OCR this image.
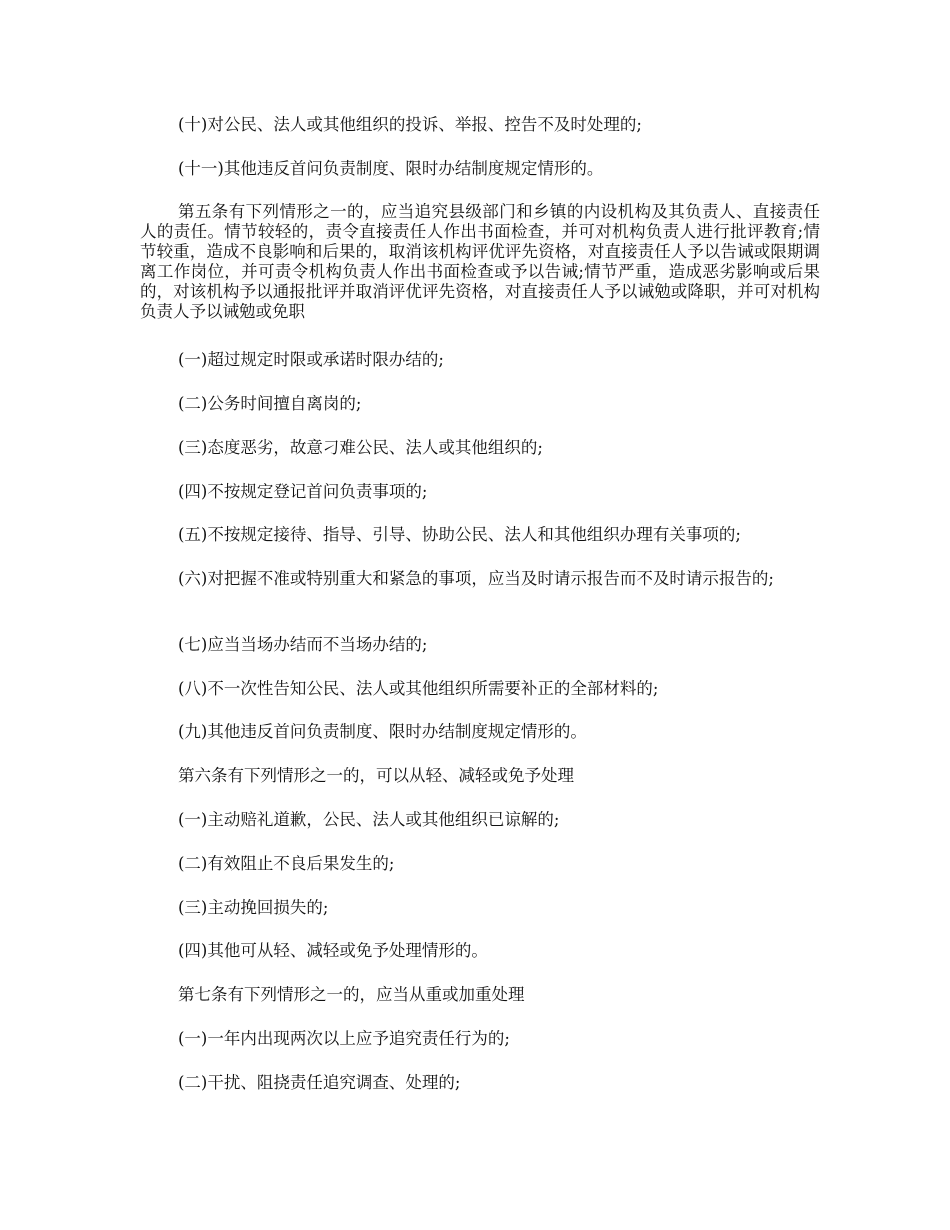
(十)对公民、法人或其他组织的投诉、举报、控告不及时处理的;

(十一)其他违反首问负责制度、限时办结制度规定情形的。

第五条有下列情形之一的，应当追究县级部门和乡镇的内设机构及其负责人、直接责任人的责任。情节较轻的，责令直接责任人作出书面检查，并可对机构负责人进行批评教育;情节较重，造成不良影响和后果的，取消该机构评优评先资格，对直接责任人予以告诫或限期调离工作岗位，并可责令机构负责人作出书面检查或予以告诫;情节严重，造成恶劣影响或后果的，对该机构予以通报批评并取消评优评先资格，对直接责任人予以诫勉或降职，并可对机构负责人予以诫勉或免职

(一)超过规定时限或承诺时限办结的;

(二)公务时间擅自离岗的;

(三)态度恶劣，故意刁难公民、法人或其他组织的;

(四)不按规定登记首问负责事项的;

(五)不按规定接待、指导、引导、协助公民、法人和其他组织办理有关事项的;

(六)对把握不准或特别重大和紧急的事项，应当及时请示报告而不及时请示报告的;

(七)应当当场办结而不当场办结的;

(八)不一次性告知公民、法人或其他组织所需要补正的全部材料的;

(九)其他违反首问负责制度、限时办结制度规定情形的。

第六条有下列情形之一的，可以从轻、减轻或免予处理

(一)主动赔礼道歉，公民、法人或其他组织已谅解的;

(二)有效阻止不良后果发生的;

(三)主动挽回损失的;

(四)其他可从轻、减轻或免予处理情形的。

第七条有下列情形之一的，应当从重或加重处理

(一)一年内出现两次以上应予追究责任行为的;

(二)干扰、阻挠责任追究调查、处理的;
